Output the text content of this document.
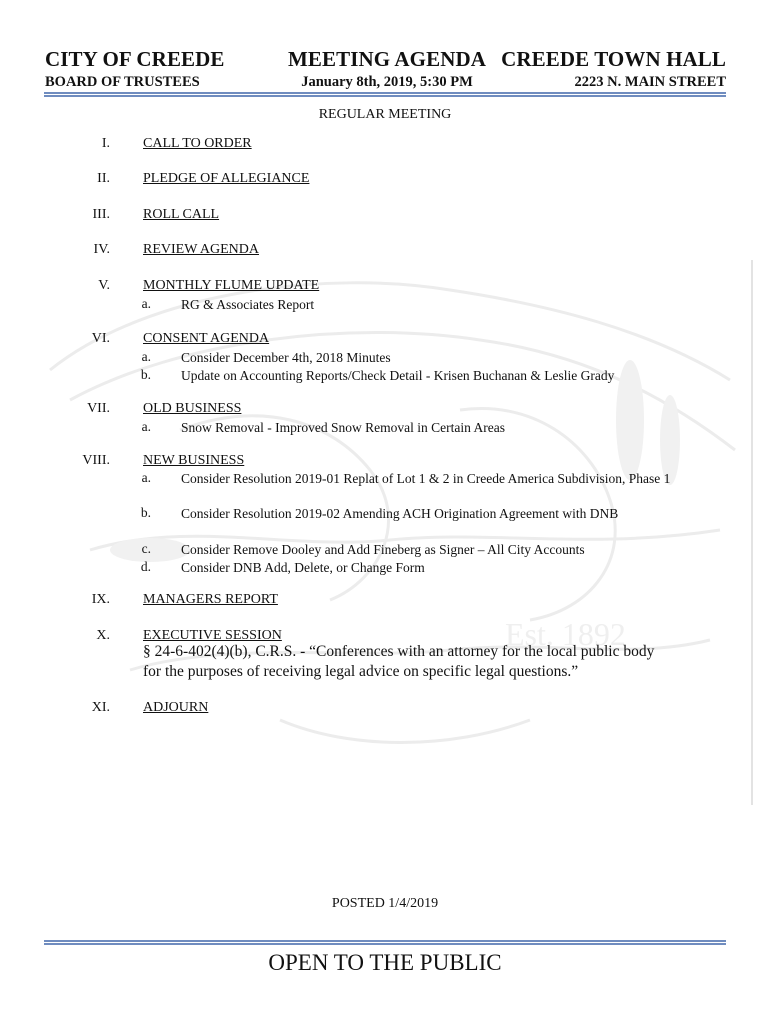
Est. 1892
CITY OF CREEDE
BOARD OF TRUSTEES
MEETING AGENDA
January 8th, 2019, 5:30 PM
CREEDE TOWN HALL
2223 N. MAIN STREET
REGULAR MEETING
I. CALL TO ORDER
II. PLEDGE OF ALLEGIANCE
III. ROLL CALL
IV. REVIEW AGENDA
V. MONTHLY FLUME UPDATE
a. RG & Associates Report
VI. CONSENT AGENDA
a. Consider December 4th, 2018 Minutes
b. Update on Accounting Reports/Check Detail - Krisen Buchanan & Leslie Grady
VII. OLD BUSINESS
a. Snow Removal - Improved Snow Removal in Certain Areas
VIII. NEW BUSINESS
a. Consider Resolution 2019-01 Replat of Lot 1 & 2 in Creede America Subdivision, Phase 1
b. Consider Resolution 2019-02 Amending ACH Origination Agreement with DNB
c. Consider Remove Dooley and Add Fineberg as Signer – All City Accounts
d. Consider DNB Add, Delete, or Change Form
IX. MANAGERS REPORT
X. EXECUTIVE SESSION
§ 24-6-402(4)(b), C.R.S. - “Conferences with an attorney for the local public body for the purposes of receiving legal advice on specific legal questions.”
XI. ADJOURN
POSTED 1/4/2019
OPEN TO THE PUBLIC
